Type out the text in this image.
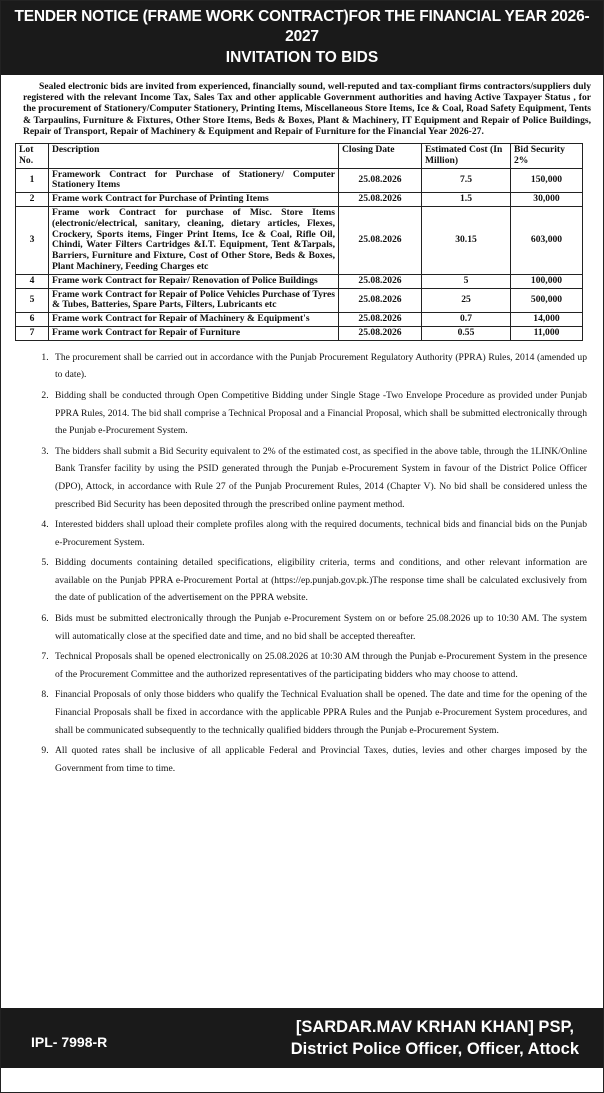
TENDER NOTICE (FRAME WORK CONTRACT)FOR THE FINANCIAL YEAR 2026-2027
INVITATION TO BIDS
Sealed electronic bids are invited from experienced, financially sound, well-reputed and tax-compliant firms contractors/suppliers duly registered with the relevant Income Tax, Sales Tax and other applicable Government authorities and having Active Taxpayer Status , for the procurement of Stationery/Computer Stationery, Printing Items, Miscellaneous Store Items, Ice & Coal, Road Safety Equipment, Tents & Tarpaulins, Furniture & Fixtures, Other Store Items, Beds & Boxes, Plant & Machinery, IT Equipment and Repair of Police Buildings, Repair of Transport, Repair of Machinery & Equipment and Repair of Furniture for the Financial Year 2026-27.
Lot No.	Description	Closing Date	Estimated Cost (In Million)	Bid Security 2%
1	Framework Contract for Purchase of Stationery/ Computer Stationery Items	25.08.2026	7.5	150,000
2	Frame work Contract for Purchase of Printing Items	25.08.2026	1.5	30,000
3	Frame work Contract for purchase of Misc. Store Items (electronic/electrical, sanitary, cleaning, dietary articles, Flexes, Crockery, Sports items, Finger Print Items, Ice & Coal, Rifle Oil, Chindi, Water Filters Cartridges &I.T. Equipment, Tent &Tarpals, Barriers, Furniture and Fixture, Cost of Other Store, Beds & Boxes, Plant Machinery, Feeding Charges etc	25.08.2026	30.15	603,000
4	Frame work Contract for Repair/ Renovation of Police Buildings	25.08.2026	5	100,000
5	Frame work Contract for Repair of Police Vehicles Purchase of Tyres & Tubes, Batteries, Spare Parts, Filters, Lubricants etc	25.08.2026	25	500,000
6	Frame work Contract for Repair of Machinery & Equipment's	25.08.2026	0.7	14,000
7	Frame work Contract for Repair of Furniture	25.08.2026	0.55	11,000
1. The procurement shall be carried out in accordance with the Punjab Procurement Regulatory Authority (PPRA) Rules, 2014 (amended up to date).
2. Bidding shall be conducted through Open Competitive Bidding under Single Stage -Two Envelope Procedure as provided under Punjab PPRA Rules, 2014. The bid shall comprise a Technical Proposal and a Financial Proposal, which shall be submitted electronically through the Punjab e-Procurement System.
3. The bidders shall submit a Bid Security equivalent to 2% of the estimated cost, as specified in the above table, through the 1LINK/Online Bank Transfer facility by using the PSID generated through the Punjab e-Procurement System in favour of the District Police Officer (DPO), Attock, in accordance with Rule 27 of the Punjab Procurement Rules, 2014 (Chapter V). No bid shall be considered unless the prescribed Bid Security has been deposited through the prescribed online payment method.
4. Interested bidders shall upload their complete profiles along with the required documents, technical bids and financial bids on the Punjab e-Procurement System.
5. Bidding documents containing detailed specifications, eligibility criteria, terms and conditions, and other relevant information are available on the Punjab PPRA e-Procurement Portal at (https://ep.punjab.gov.pk.)The response time shall be calculated exclusively from the date of publication of the advertisement on the PPRA website.
6. Bids must be submitted electronically through the Punjab e-Procurement System on or before 25.08.2026 up to 10:30 AM. The system will automatically close at the specified date and time, and no bid shall be accepted thereafter.
7. Technical Proposals shall be opened electronically on 25.08.2026 at 10:30 AM through the Punjab e-Procurement System in the presence of the Procurement Committee and the authorized representatives of the participating bidders who may choose to attend.
8. Financial Proposals of only those bidders who qualify the Technical Evaluation shall be opened. The date and time for the opening of the Financial Proposals shall be fixed in accordance with the applicable PPRA Rules and the Punjab e-Procurement System procedures, and shall be communicated subsequently to the technically qualified bidders through the Punjab e-Procurement System.
9. All quoted rates shall be inclusive of all applicable Federal and Provincial Taxes, duties, levies and other charges imposed by the Government from time to time.
IPL- 7998-R
[SARDAR.MAV KRHAN KHAN] PSP,
District Police Officer, Officer, Attock
